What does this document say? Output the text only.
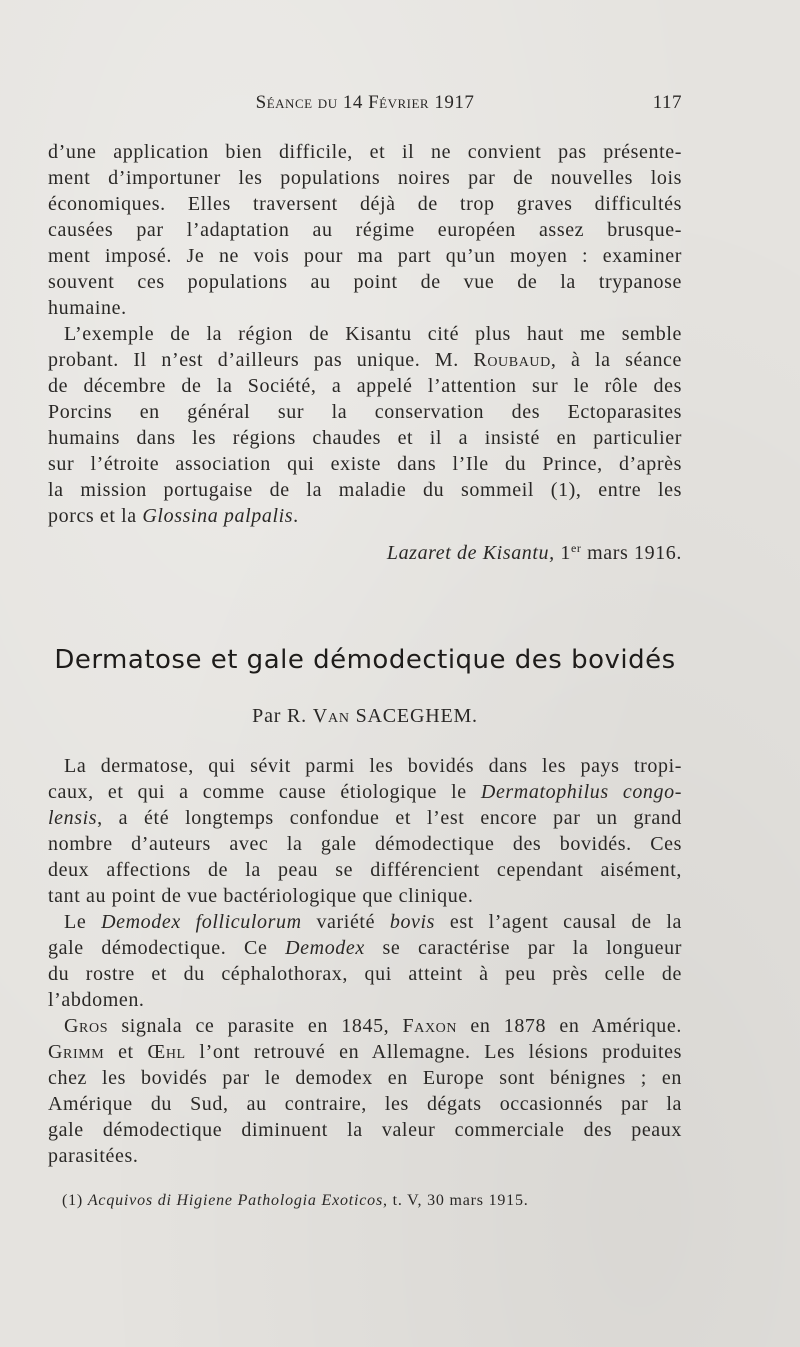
Séance du 14 Février 1917	117
d’une application bien difficile, et il ne convient pas présente-
ment d’importuner les populations noires par de nouvelles lois
économiques. Elles traversent déjà de trop graves difficultés
causées par l’adaptation au régime européen assez brusque-
ment imposé. Je ne vois pour ma part qu’un moyen : examiner
souvent ces populations au point de vue de la trypanose
humaine.
L’exemple de la région de Kisantu cité plus haut me semble
probant. Il n’est d’ailleurs pas unique. M. Roubaud, à la séance
de décembre de la Société, a appelé l’attention sur le rôle des
Porcins en général sur la conservation des Ectoparasites
humains dans les régions chaudes et il a insisté en particulier
sur l’étroite association qui existe dans l’Ile du Prince, d’après
la mission portugaise de la maladie du sommeil (1), entre les
porcs et la Glossina palpalis.
Lazaret de Kisantu, 1er mars 1916.
Dermatose et gale démodectique des bovidés
Par R. Van SACEGHEM.
La dermatose, qui sévit parmi les bovidés dans les pays tropi-
caux, et qui a comme cause étiologique le Dermatophilus congo-
lensis, a été longtemps confondue et l’est encore par un grand
nombre d’auteurs avec la gale démodectique des bovidés. Ces
deux affections de la peau se différencient cependant aisément,
tant au point de vue bactériologique que clinique.
Le Demodex folliculorum variété bovis est l’agent causal de la
gale démodectique. Ce Demodex se caractérise par la longueur
du rostre et du céphalothorax, qui atteint à peu près celle de
l’abdomen.
Gros signala ce parasite en 1845, Faxon en 1878 en Amérique.
Grimm et Œhl l’ont retrouvé en Allemagne. Les lésions produites
chez les bovidés par le demodex en Europe sont bénignes ; en
Amérique du Sud, au contraire, les dégats occasionnés par la
gale démodectique diminuent la valeur commerciale des peaux
parasitées.
(1) Acquivos di Higiene Pathologia Exoticos, t. V, 30 mars 1915.
